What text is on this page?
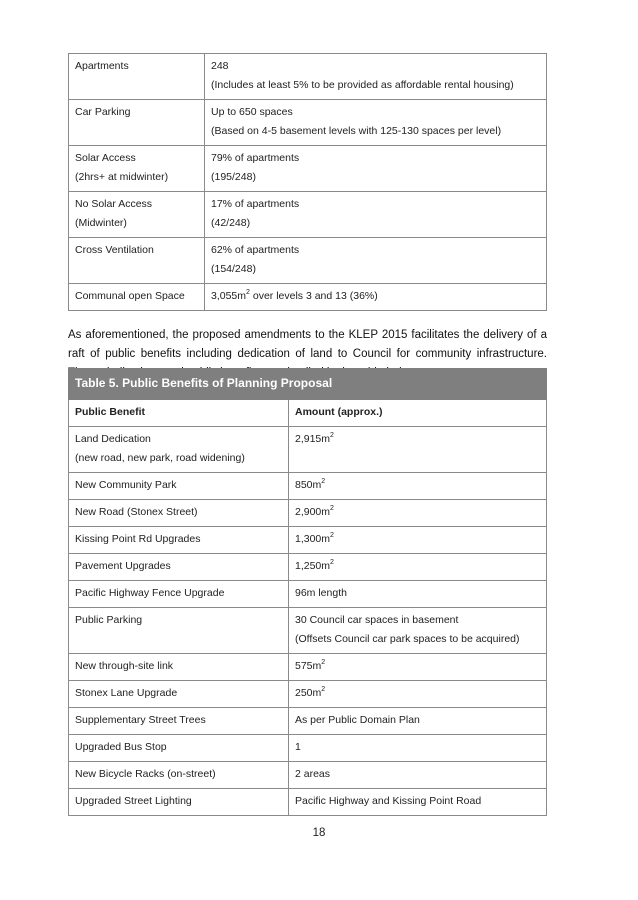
Apartments	248
(Includes at least 5% to be provided as affordable rental housing)

Car Parking	Up to 650 spaces
(Based on 4-5 basement levels with 125-130 spaces per level)

Solar Access
(2hrs+ at midwinter)	79% of apartments
(195/248)

No Solar Access
(Midwinter)	17% of apartments
(42/248)

Cross Ventilation	62% of apartments
(154/248)

Communal open Space	$3,055m^2$ over levels 3 and 13 (36%)

As aforementioned, the proposed amendments to the KLEP 2015 facilitates the delivery of a raft of public benefits including dedication of land to Council for community infrastructure.

Table 5. Public Benefits of Planning Proposal	
Public Benefit	Amount (approx.)

Land Dedication
(new road, new park, road widening)	$2,915m^2$

New Community Park	$850m^2$

New Road (Stonex Street)	$2,900m^2$

Kissing Point Rd Upgrades	$1,300m^2$

Pavement Upgrades	$1,250m^2$

Pacific Highway Fence Upgrade	96m length

Public Parking	30 Council car spaces in basement
(Offsets Council car park spaces to be acquired)

New through-site link	$575m^2$

Stonex Lane Upgrade	$250m^2$

Supplementary Street Trees	As per Public Domain Plan

Upgraded Bus Stop	1

New Bicycle Racks (on-street)	2 areas

Upgraded Street Lighting	Pacific Highway and Kissing Point Road
18
